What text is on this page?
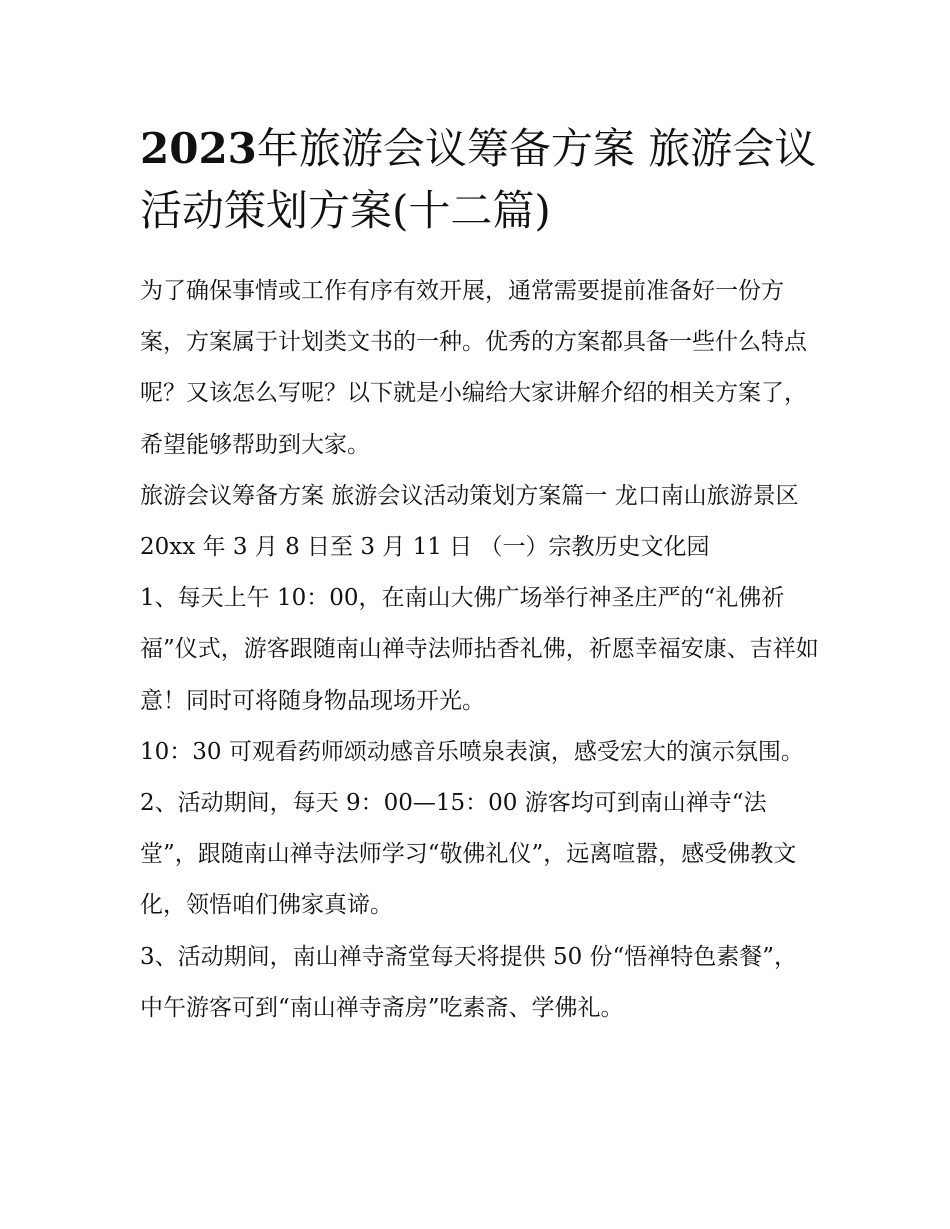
2023年旅游会议筹备方案 旅游会议活动策划方案(十二篇)

为了确保事情或工作有序有效开展，通常需要提前准备好一份方案，方案属于计划类文书的一种。优秀的方案都具备一些什么特点呢？又该怎么写呢？以下就是小编给大家讲解介绍的相关方案了，希望能够帮助到大家。

旅游会议筹备方案 旅游会议活动策划方案篇一 龙口南山旅游景区 20xx 年 3 月 8 日至 3 月 11 日 （一）宗教历史文化园

1、每天上午 10：00，在南山大佛广场举行神圣庄严的“礼佛祈福”仪式，游客跟随南山禅寺法师拈香礼佛，祈愿幸福安康、吉祥如意！同时可将随身物品现场开光。

10：30 可观看药师颂动感音乐喷泉表演，感受宏大的演示氛围。

2、活动期间，每天 9：00—15：00 游客均可到南山禅寺“法堂”，跟随南山禅寺法师学习“敬佛礼仪”，远离喧嚣，感受佛教文化，领悟咱们佛家真谛。

3、活动期间，南山禅寺斋堂每天将提供 50 份“悟禅特色素餐”，中午游客可到“南山禅寺斋房”吃素斋、学佛礼。
